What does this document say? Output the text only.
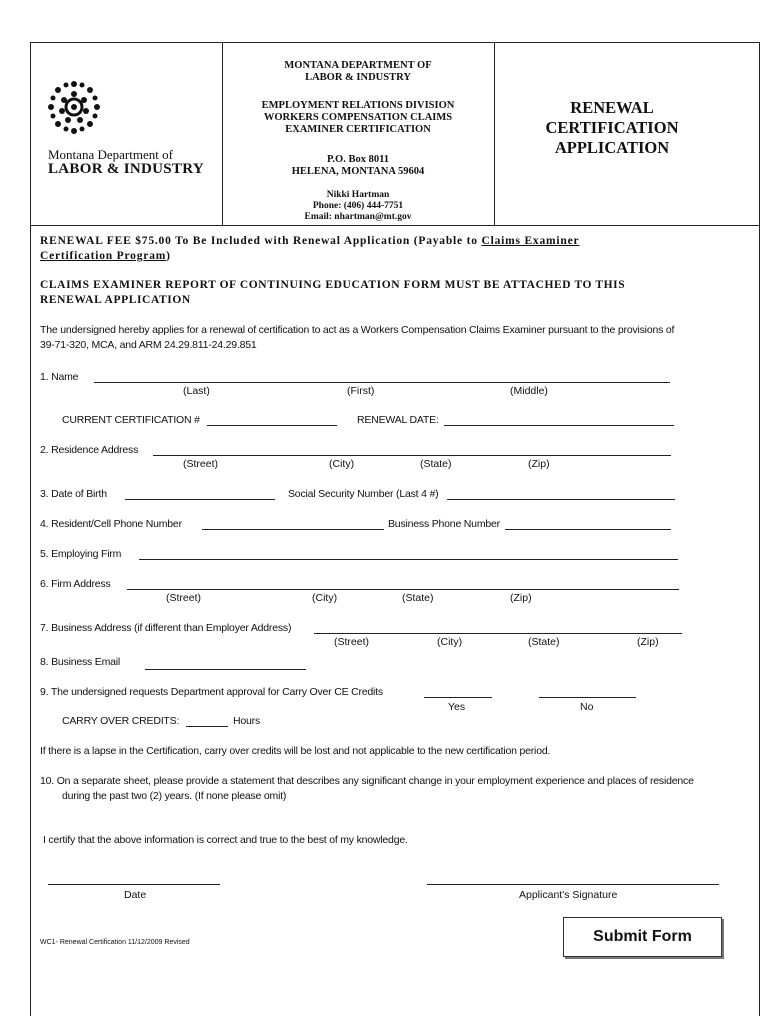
Montana Department of
LABOR & INDUSTRY
MONTANA DEPARTMENT OF
LABOR & INDUSTRY
EMPLOYMENT RELATIONS DIVISION
WORKERS COMPENSATION CLAIMS
EXAMINER CERTIFICATION
P.O. Box 8011
HELENA, MONTANA 59604
Nikki Hartman
Phone: (406) 444-7751
Email: nhartman@mt.gov
RENEWAL
CERTIFICATION
APPLICATION
RENEWAL FEE $75.00 To Be Included with Renewal Application (Payable to Claims Examiner
Certification Program)
CLAIMS EXAMINER REPORT OF CONTINUING EDUCATION FORM MUST BE ATTACHED TO THIS
RENEWAL APPLICATION
The undersigned hereby applies for a renewal of certification to act as a Workers Compensation Claims Examiner pursuant to the provisions of
39-71-320, MCA, and ARM 24.29.811-24.29.851
1. Name
(Last)	(First)	(Middle)
CURRENT CERTIFICATION #	RENEWAL DATE:
2. Residence Address
(Street)	(City)	(State)	(Zip)
3. Date of Birth	Social Security Number (Last 4 #)
4. Resident/Cell Phone Number	Business Phone Number
5. Employing Firm
6. Firm Address
(Street)	(City)	(State)	(Zip)
7. Business Address (if different than Employer Address)
(Street)	(City)	(State)	(Zip)
8. Business Email
9. The undersigned requests Department approval for Carry Over CE Credits
Yes	No
CARRY OVER CREDITS:	Hours
If there is a lapse in the Certification, carry over credits will be lost and not applicable to the new certification period.
10. On a separate sheet, please provide a statement that describes any significant change in your employment experience and places of residence
during the past two (2) years. (If none please omit)
I certify that the above information is correct and true to the best of my knowledge.
Date	Applicant's Signature
WC1- Renewal Certification 11/12/2009 Revised	Submit Form
